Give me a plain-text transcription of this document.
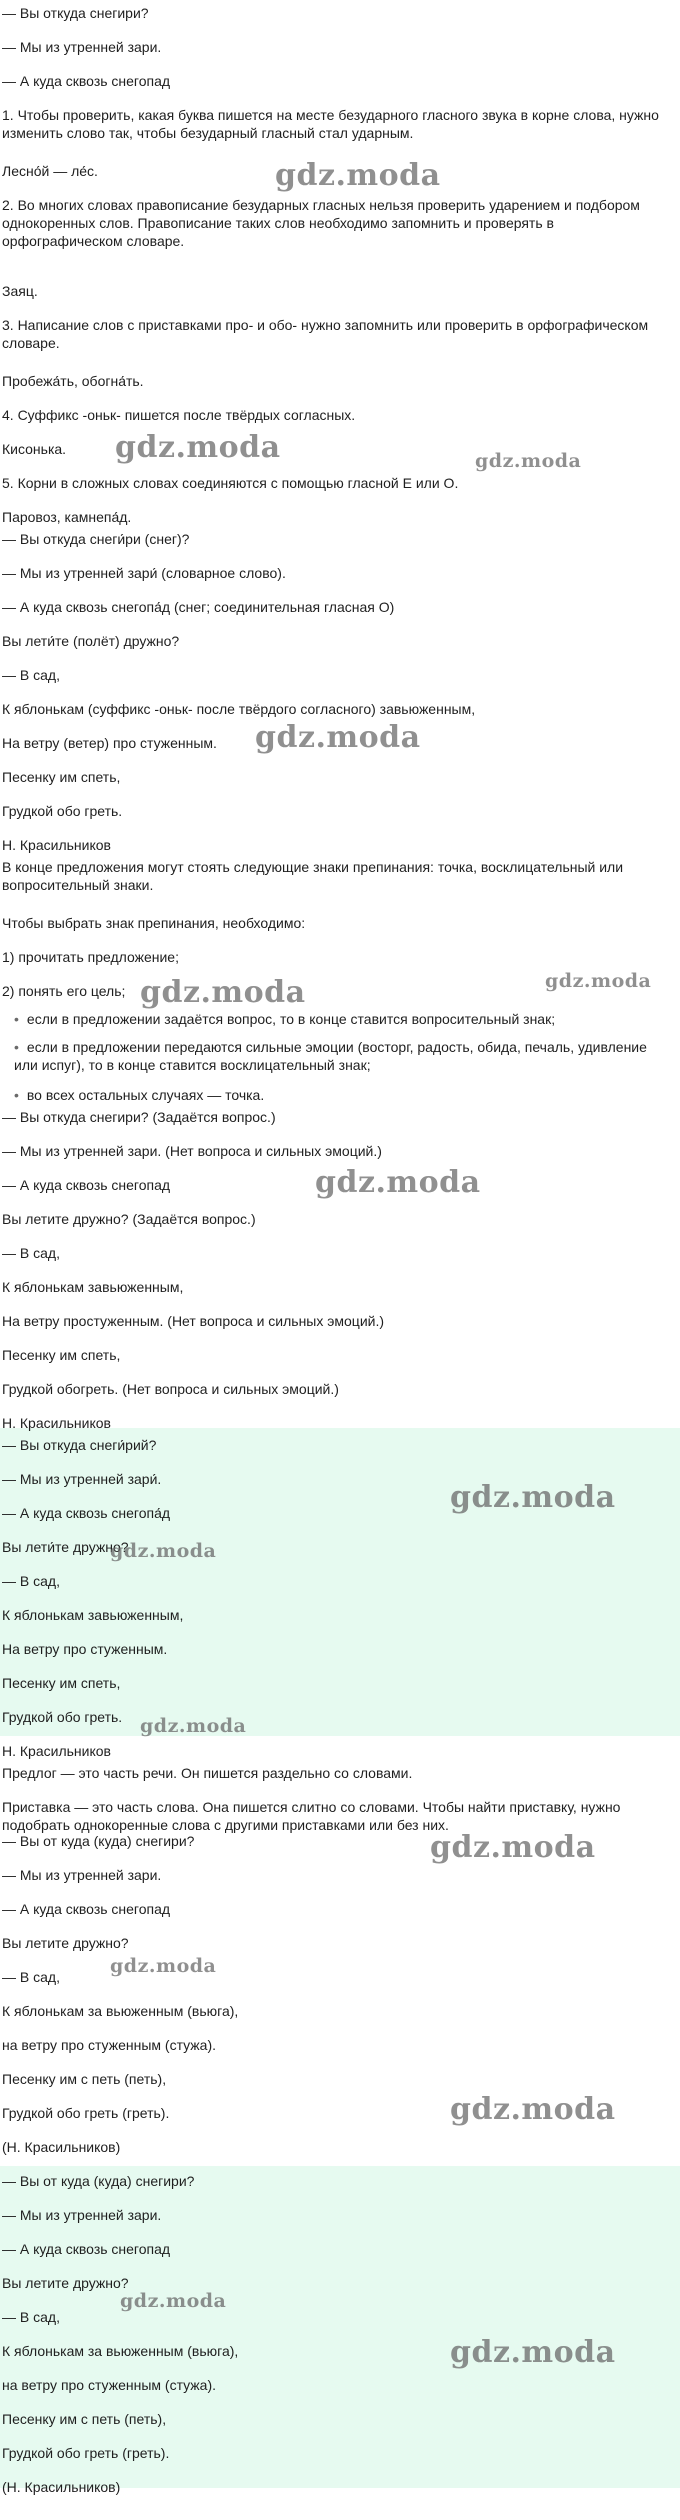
— Вы откуда снегири?
— Мы из утренней зари.
— А куда сквозь снегопад
1. Чтобы проверить, какая буква пишется на месте безударного гласного звука в корне слова, нужно изменить слово так, чтобы безударный гласный стал ударным.
Лесно́й — ле́с.
2. Во многих словах правописание безударных гласных нельзя проверить ударением и подбором однокоренных слов. Правописание таких слов необходимо запомнить и проверять в орфографическом словаре.
Заяц.
3. Написание слов с приставками про- и обо- нужно запомнить или проверить в орфографическом словаре.
Пробежа́ть, обогна́ть.
4. Суффикс -оньк- пишется после твёрдых согласных.
Кисонька.
5. Корни в сложных словах соединяются с помощью гласной Е или О.
Паровоз, камнепа́д.
— Вы откуда снеги́ри (снег)?
— Мы из утренней зари́ (словарное слово).
— А куда сквозь снегопа́д (снег; соединительная гласная О)
Вы лети́те (полёт) дружно?
— В сад,
К яблонькам (суффикс -оньк- после твёрдого согласного) завьюженным,
На ветру (ветер) про стуженным.
Песенку им спеть,
Грудкой обо греть.
Н. Красильников
В конце предложения могут стоять следующие знаки препинания: точка, восклицательный или вопросительный знаки.
Чтобы выбрать знак препинания, необходимо:
1) прочитать предложение;
2) понять его цель;
• если в предложении задаётся вопрос, то в конце ставится вопросительный знак;
• если в предложении передаются сильные эмоции (восторг, радость, обида, печаль, удивление или испуг), то в конце ставится восклицательный знак;
• во всех остальных случаях — точка.
— Вы откуда снегири? (Задаётся вопрос.)
— Мы из утренней зари. (Нет вопроса и сильных эмоций.)
— А куда сквозь снегопад
Вы летите дружно? (Задаётся вопрос.)
— В сад,
К яблонькам завьюженным,
На ветру простуженным. (Нет вопроса и сильных эмоций.)
Песенку им спеть,
Грудкой обогреть. (Нет вопроса и сильных эмоций.)
Н. Красильников
— Вы откуда снеги́рий?
— Мы из утренней зари́.
— А куда сквозь снегопа́д
Вы лети́те дружно?
— В сад,
К яблонькам завьюженным,
На ветру про стуженным.
Песенку им спеть,
Грудкой обо греть.
Н. Красильников
Предлог — это часть речи. Он пишется раздельно со словами.
Приставка — это часть слова. Она пишется слитно со словами. Чтобы найти приставку, нужно подобрать однокоренные слова с другими приставками или без них.
— Вы от куда (куда) снегири?
— Мы из утренней зари.
— А куда сквозь снегопад
Вы летите дружно?
— В сад,
К яблонькам за вьюженным (вьюга),
на ветру про стуженным (стужа).
Песенку им с петь (петь),
Грудкой обо греть (греть).
(Н. Красильников)
— Вы от куда (куда) снегири?
— Мы из утренней зари.
— А куда сквозь снегопад
Вы летите дружно?
— В сад,
К яблонькам за вьюженным (вьюга),
на ветру про стуженным (стужа).
Песенку им с петь (петь),
Грудкой обо греть (греть).
(Н. Красильников)
gdz.moda
gdz.moda	gdz.moda
gdz.moda
gdz.moda	gdz.moda
gdz.moda
gdz.moda
gdz.moda
gdz.moda
gdz.moda
gdz.moda
gdz.moda
gdz.moda
gdz.moda
